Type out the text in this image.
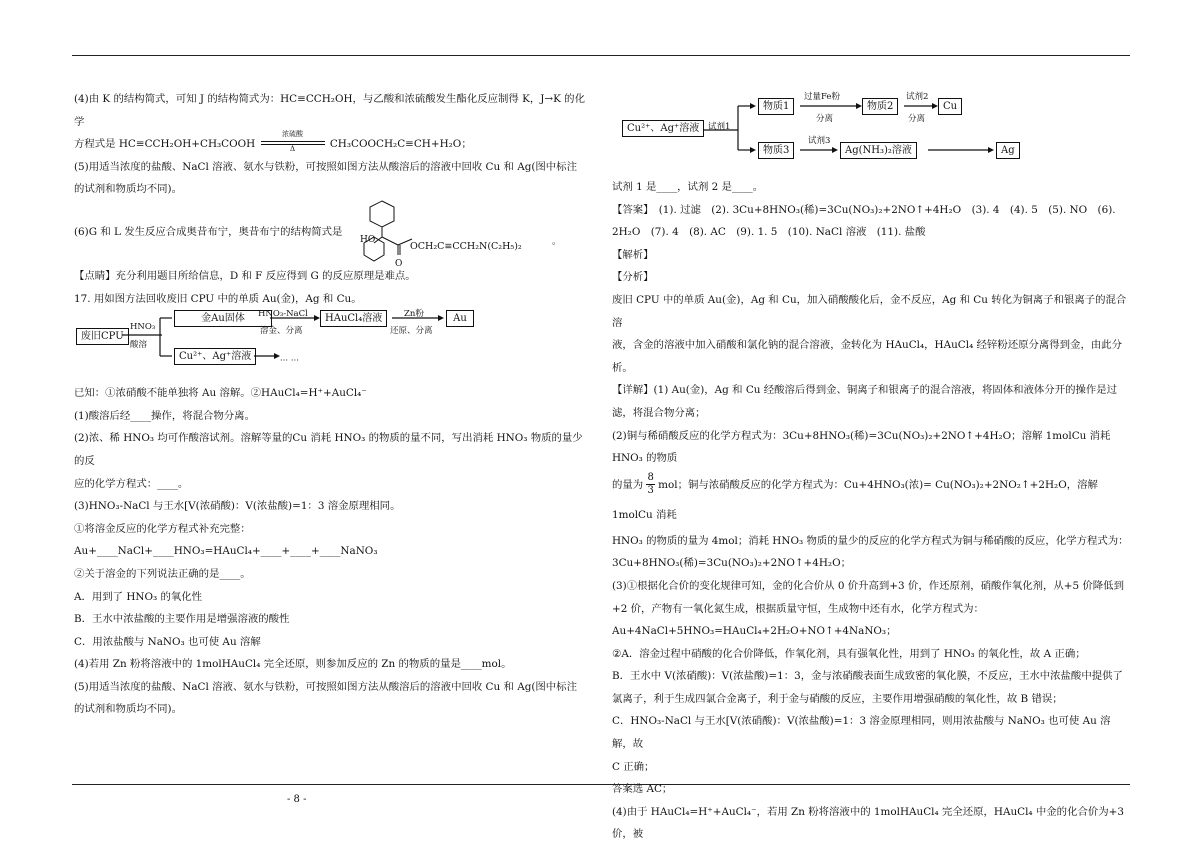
(4)由 K 的结构简式，可知 J 的结构简式为：HC≡CCH₂OH，与乙酸和浓硫酸发生酯化反应制得 K，J→K 的化学

方程式是 HC≡CCH₂OH+CH₃COOH
浓硫酸
Δ	CH₃COOCH₂C≡CH+H₂O；

(5)用适当浓度的盐酸、NaCl 溶液、氨水与铁粉，可按照如图方法从酸溶后的溶液中回收 Cu 和 Ag(图中标注

的试剂和物质均不同)。

(6)G 和 L 发生反应合成奥昔布宁，奥昔布宁的结构简式是
HO
O
OCH₂C≡CCH₂N(C₂H₅)₂	。

【点睛】充分利用题目所给信息，D 和 F 反应得到 G 的反应原理是难点。

17. 用如图方法回收废旧 CPU 中的单质 Au(金)，Ag 和 Cu。

废旧CPU
HNO₃
酸溶
金Au固体	HNO₃-NaCl
溶金、分离
HAuCl₄溶液	Zn粉
还原、分离
Au
Cu²⁺、Ag⁺溶液	··· ···

已知：①浓硝酸不能单独将 Au 溶解。②HAuCl₄=H⁺+AuCl₄⁻

(1)酸溶后经____操作，将混合物分离。

(2)浓、稀 HNO₃ 均可作酸溶试剂。溶解等量的Cu 消耗 HNO₃ 的物质的量不同，写出消耗 HNO₃ 物质的量少的反

应的化学方程式：____。

(3)HNO₃-NaCl 与王水[V(浓硝酸)：V(浓盐酸)=1：3 溶金原理相同。

①将溶金反应的化学方程式补充完整：

Au+____NaCl+____HNO₃=HAuCl₄+____+____+____NaNO₃

②关于溶金的下列说法正确的是____。

A．用到了 HNO₃ 的氧化性

B．王水中浓盐酸的主要作用是增强溶液的酸性

C．用浓盐酸与 NaNO₃ 也可使 Au 溶解

(4)若用 Zn 粉将溶液中的 1molHAuCl₄ 完全还原，则参加反应的 Zn 的物质的量是____mol。

(5)用适当浓度的盐酸、NaCl 溶液、氨水与铁粉，可按照如图方法从酸溶后的溶液中回收 Cu 和 Ag(图中标注

的试剂和物质均不同)。

Cu²⁺、Ag⁺溶液	试剂1
物质1
过量Fe粉
分离
物质2
试剂2
分离
Cu
物质3
试剂3
Ag(NH₃)₂溶液	Ag

试剂 1 是____，试剂 2 是____。

【答案】　(1). 过滤　(2). 3Cu+8HNO₃(稀)=3Cu(NO₃)₂+2NO↑+4H₂O　(3). 4　(4). 5　(5). NO　(6).

2H₂O　(7). 4　(8). AC　(9). 1. 5　(10). NaCl 溶液　(11). 盐酸

【解析】

【分析】

废旧 CPU 中的单质 Au(金)，Ag 和 Cu，加入硝酸酸化后，金不反应，Ag 和 Cu 转化为铜离子和银离子的混合溶

液，含金的溶液中加入硝酸和氯化钠的混合溶液，金转化为 HAuCl₄，HAuCl₄ 经锌粉还原分离得到金，由此分

析。

【详解】(1) Au(金)，Ag 和 Cu 经酸溶后得到金、铜离子和银离子的混合溶液，将固体和液体分开的操作是过

滤，将混合物分离；

(2)铜与稀硝酸反应的化学方程式为：3Cu+8HNO₃(稀)=3Cu(NO₃)₂+2NO↑+4H₂O；溶解 1molCu 消耗 HNO₃ 的物质

的量为 $\frac{8}{3}$ mol；铜与浓硝酸反应的化学方程式为：Cu+4HNO₃(浓)= Cu(NO₃)₂+2NO₂↑+2H₂O，溶解 1molCu 消耗

HNO₃ 的物质的量为 4mol；消耗 HNO₃ 物质的量少的反应的化学方程式为铜与稀硝酸的反应，化学方程式为：

3Cu+8HNO₃(稀)=3Cu(NO₃)₂+2NO↑+4H₂O；

(3)①根据化合价的变化规律可知，金的化合价从 0 价升高到+3 价，作还原剂，硝酸作氧化剂，从+5 价降低到

+2 价，产物有一氧化氮生成，根据质量守恒，生成物中还有水，化学方程式为：

Au+4NaCl+5HNO₃=HAuCl₄+2H₂O+NO↑+4NaNO₃；

②A．溶金过程中硝酸的化合价降低，作氧化剂，具有强氧化性，用到了 HNO₃ 的氧化性，故 A 正确；

B．王水中 V(浓硝酸)：V(浓盐酸)=1：3，金与浓硝酸表面生成致密的氧化膜，不反应，王水中浓盐酸中提供了

氯离子，利于生成四氯合金离子，利于金与硝酸的反应，主要作用增强硝酸的氧化性，故 B 错误；

C．HNO₃-NaCl 与王水[V(浓硝酸)：V(浓盐酸)=1：3 溶金原理相同，则用浓盐酸与 NaNO₃ 也可使 Au 溶解，故

C 正确；

答案选 AC；

(4)由于 HAuCl₄=H⁺+AuCl₄⁻，若用 Zn 粉将溶液中的 1molHAuCl₄ 完全还原，HAuCl₄ 中金的化合价为+3 价，被

- 8 -
